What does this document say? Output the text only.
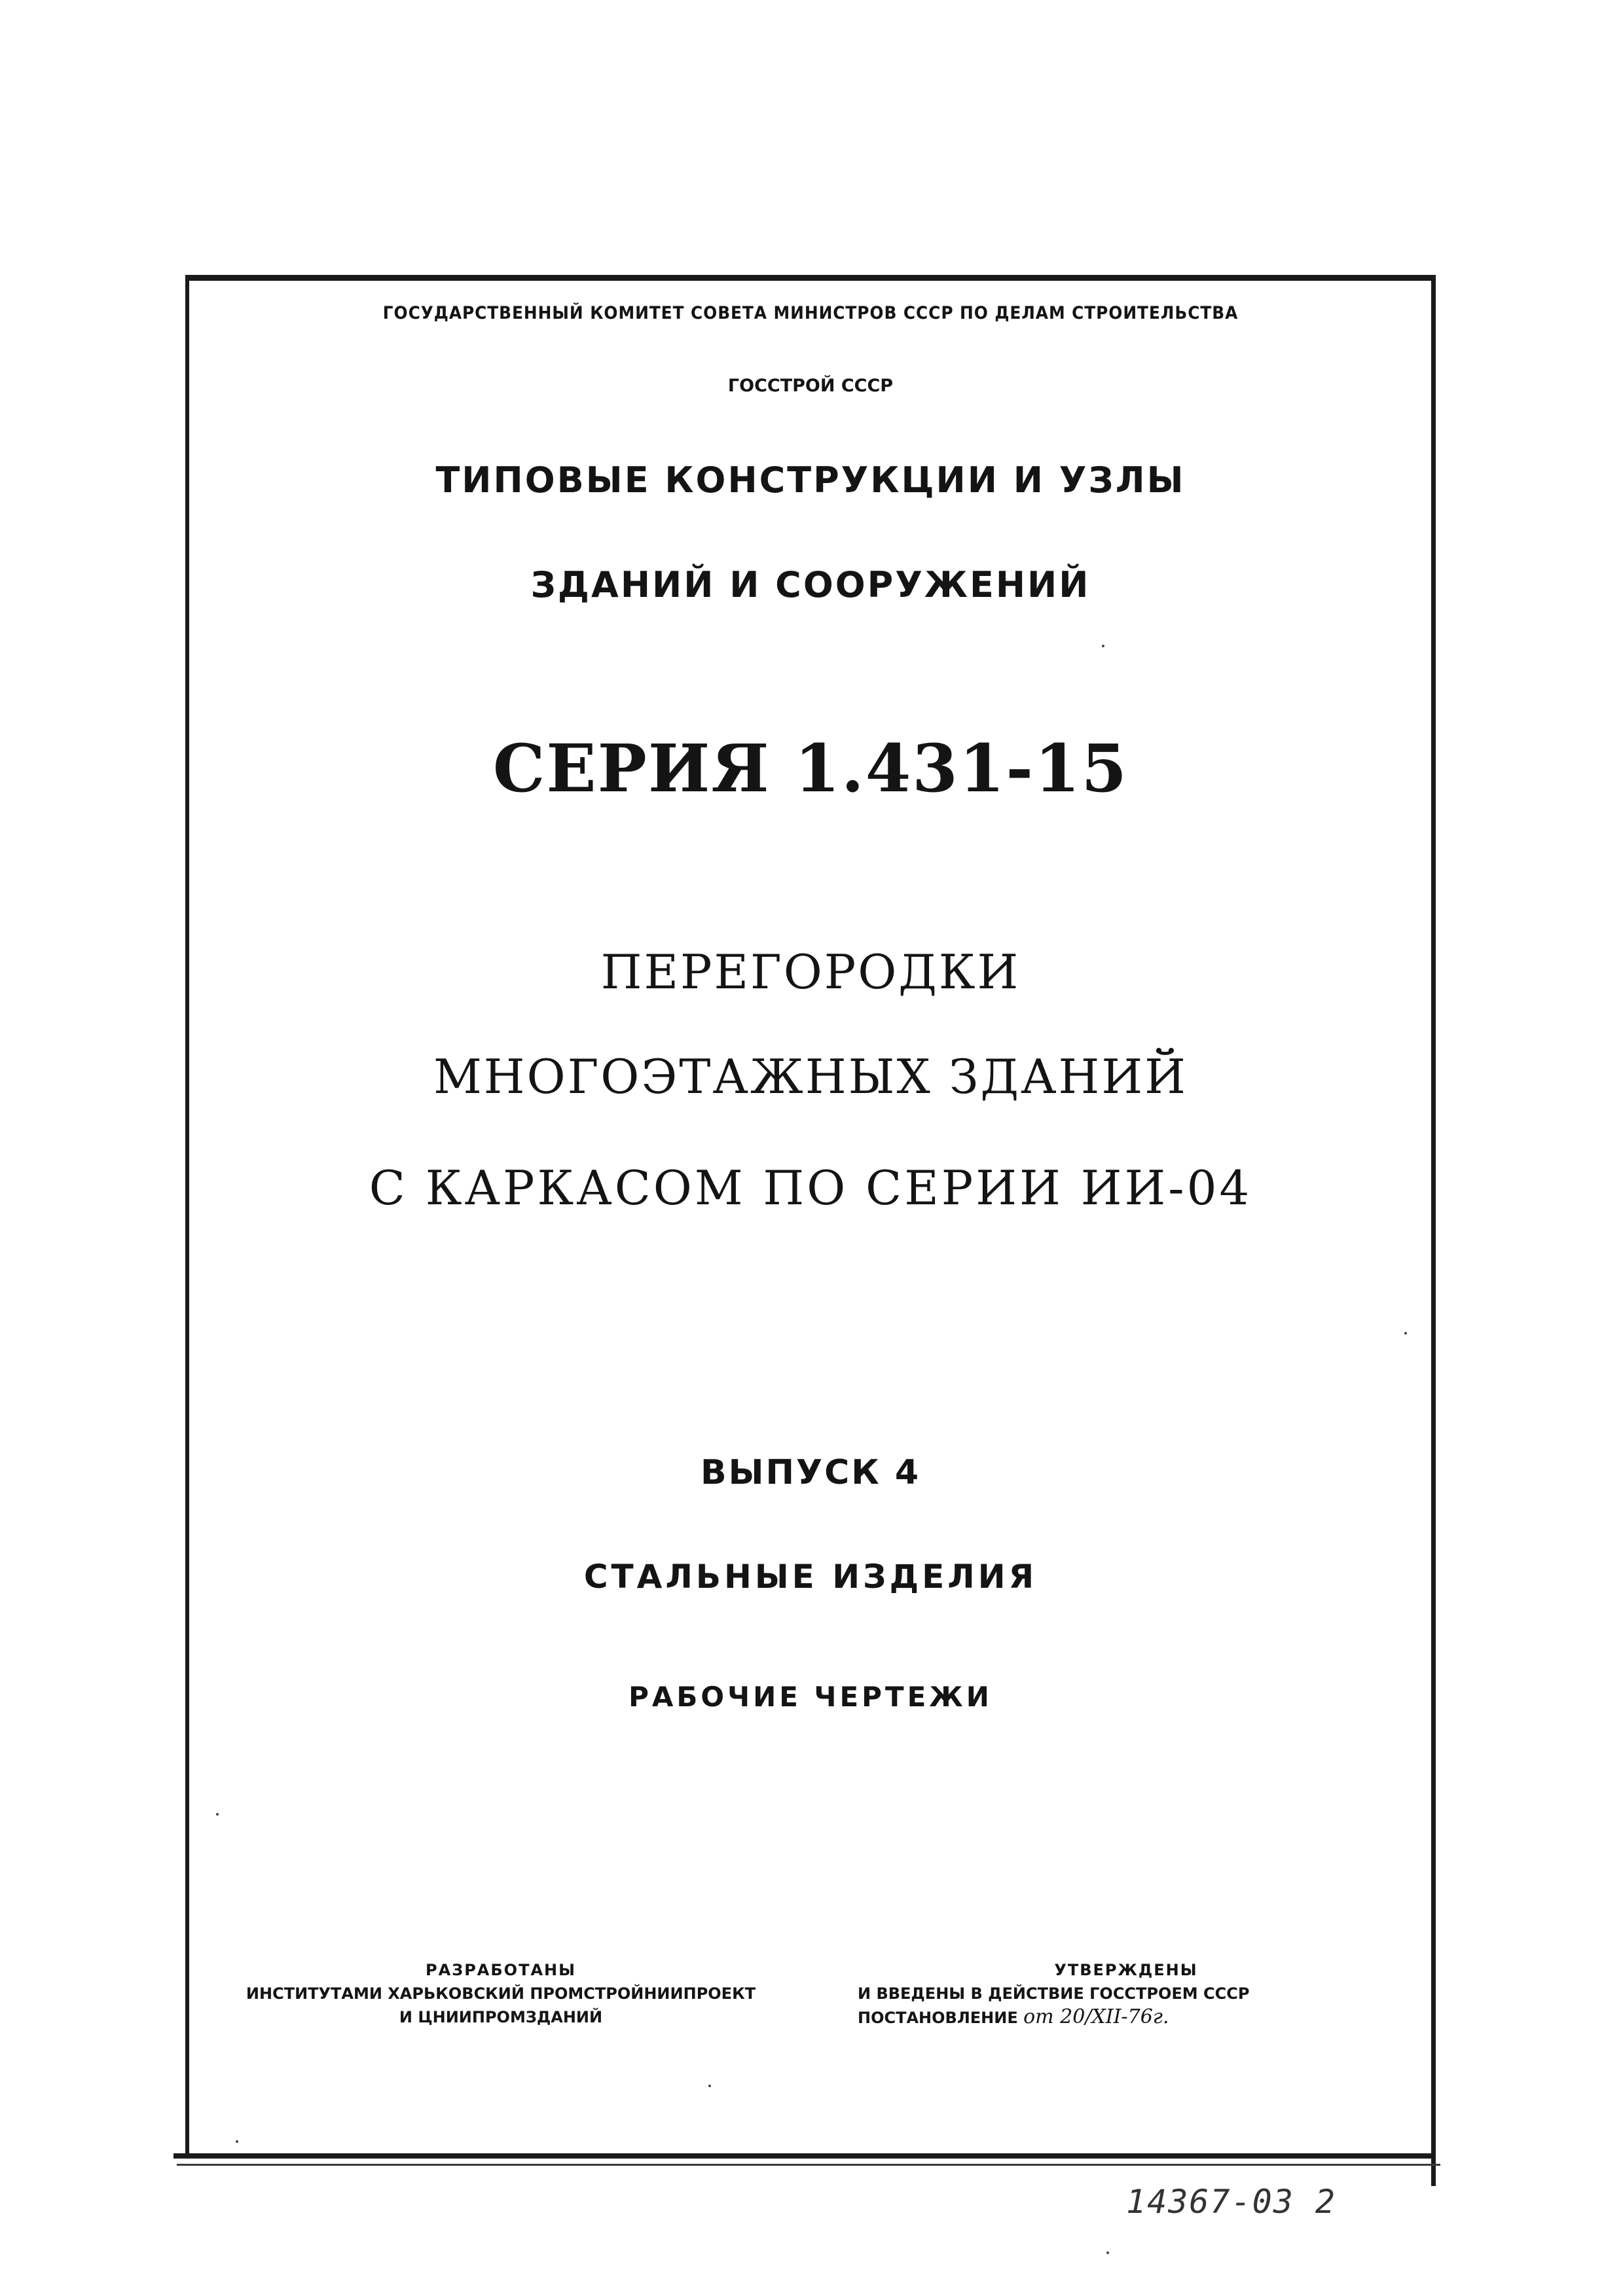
ГОСУДАРСТВЕННЫЙ КОМИТЕТ СОВЕТА МИНИСТРОВ СССР ПО ДЕЛАМ СТРОИТЕЛЬСТВА
ГОССТРОЙ СССР
ТИПОВЫЕ КОНСТРУКЦИИ И УЗЛЫ
ЗДАНИЙ И СООРУЖЕНИЙ
СЕРИЯ 1.431-15
ПЕРЕГОРОДКИ
МНОГОЭТАЖНЫХ ЗДАНИЙ
С КАРКАСОМ ПО СЕРИИ ИИ-04
ВЫПУСК 4
СТАЛЬНЫЕ ИЗДЕЛИЯ
РАБОЧИЕ ЧЕРТЕЖИ
РАЗРАБОТАНЫ
ИНСТИТУТАМИ ХАРЬКОВСКИЙ ПРОМСТРОЙНИИПРОЕКТ
И ЦНИИПРОМЗДАНИЙ
УТВЕРЖДЕНЫ
И ВВЕДЕНЫ В ДЕЙСТВИЕ ГОССТРОЕМ СССР
ПОСТАНОВЛЕНИЕ от 20/XII-76г.
14367-03 2
